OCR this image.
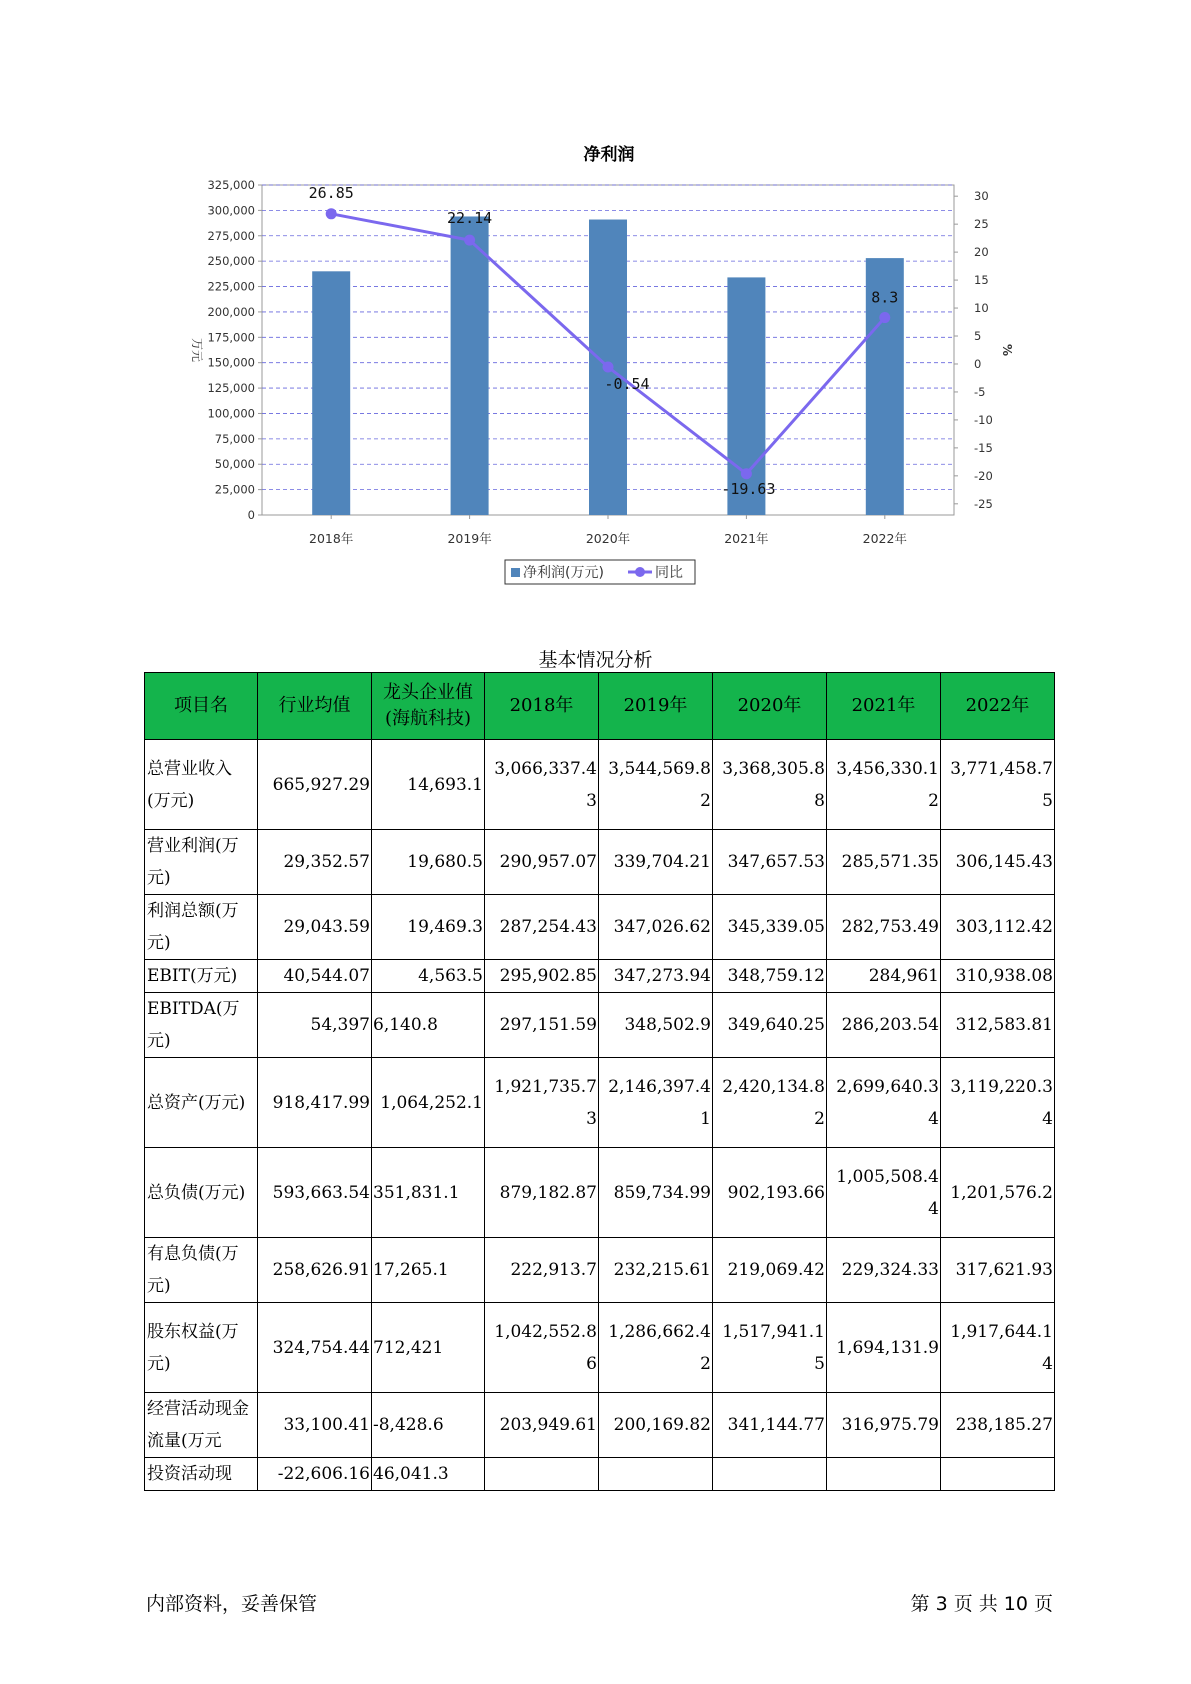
净利润
0
25,000
50,000
75,000
100,000
125,000
150,000
175,000
200,000
225,000
250,000
275,000
300,000
325,000
-25
-20
-15
-10
-5
0
5
10
15
20
25
30
万元	%
2018年	2019年	2020年	2021年	2022年
26.85
22.14
-0.54
-19.63
8.3
净利润(万元)	同比
基本情况分析
项目名	行业均值	龙头企业值(海航科技)	2018年	2019年	2020年	2021年	2022年
总营业收入(万元)	665,927.29	14,693.1	3,066,337.43	3,544,569.82	3,368,305.88	3,456,330.12	3,771,458.75
营业利润(万元)	29,352.57	19,680.5	290,957.07	339,704.21	347,657.53	285,571.35	306,145.43
利润总额(万元)	29,043.59	19,469.3	287,254.43	347,026.62	345,339.05	282,753.49	303,112.42
EBIT(万元)	40,544.07	4,563.5	295,902.85	347,273.94	348,759.12	284,961	310,938.08
EBITDA(万元)	54,397	6,140.8	297,151.59	348,502.9	349,640.25	286,203.54	312,583.81
总资产(万元)	918,417.99	1,064,252.1	1,921,735.73	2,146,397.41	2,420,134.82	2,699,640.34	3,119,220.34
总负债(万元)	593,663.54	351,831.1	879,182.87	859,734.99	902,193.66	1,005,508.44	1,201,576.2
有息负债(万元)	258,626.91	17,265.1	222,913.7	232,215.61	219,069.42	229,324.33	317,621.93
股东权益(万元)	324,754.44	712,421	1,042,552.86	1,286,662.42	1,517,941.15	1,694,131.9	1,917,644.14
经营活动现金流量(万元	33,100.41	-8,428.6	203,949.61	200,169.82	341,144.77	316,975.79	238,185.27
投资活动现	-22,606.16	46,041.3					
内部资料，妥善保管	第 3 页 共 10 页
